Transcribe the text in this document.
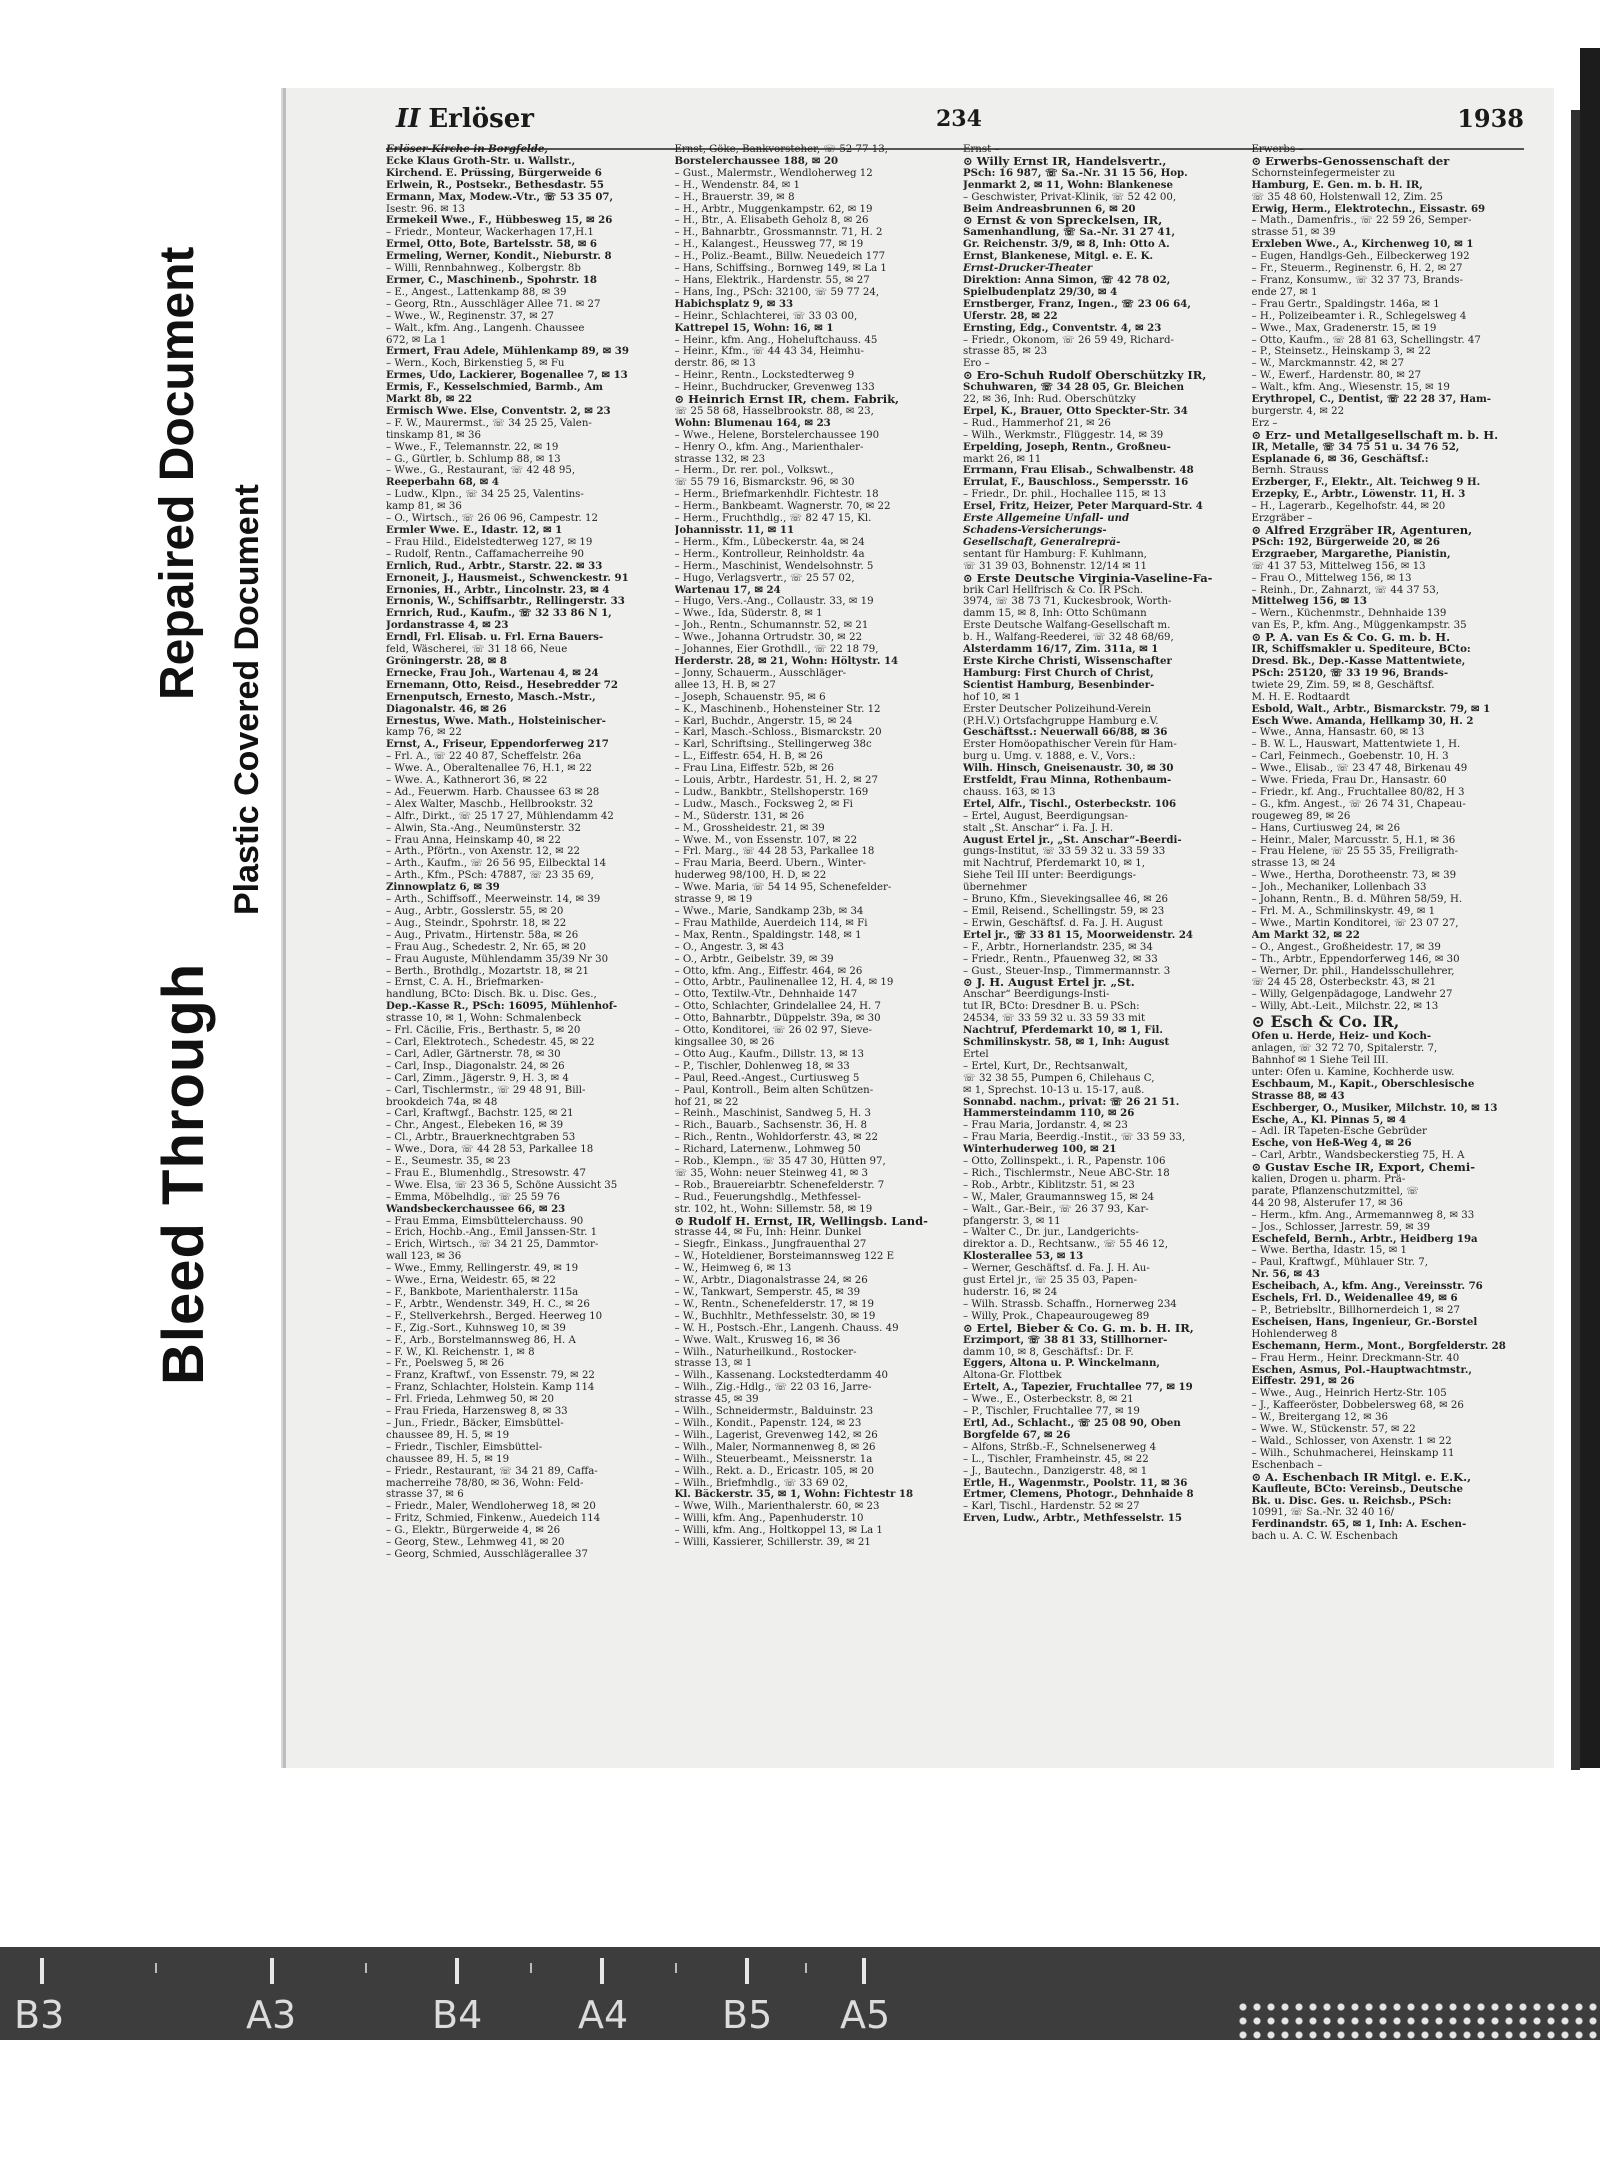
Bleed Through
Repaired Document Plastic Covered Document
II Erlöser	234	1938
Erlöser-Kirche in Borgfelde,
Ecke Klaus Groth-Str. u. Wallstr.,
Kirchend. E. Prüssing, Bürgerweide 6
Erlwein, R., Postsekr., Bethesdastr. 55
Ermann, Max, Modew.-Vtr., ☏ 53 35 07,
Isestr. 96. ✉ 13
Ermekeil Wwe., F., Hübbesweg 15, ✉ 26
– Friedr., Monteur, Wackerhagen 17,H.1
Ermel, Otto, Bote, Bartelsstr. 58, ✉ 6
Ermeling, Werner, Kondit., Nieburstr. 8
– Willi, Rennbahnweg., Kolbergstr. 8b
Ermer, C., Maschinenb., Spohrstr. 18
– E., Angest., Lattenkamp 88, ✉ 39
– Georg, Rtn., Ausschläger Allee 71. ✉ 27
– Wwe., W., Reginenstr. 37, ✉ 27
– Walt., kfm. Ang., Langenh. Chaussee
672, ✉ La 1
Ermert, Frau Adele, Mühlenkamp 89, ✉ 39
– Wern., Koch, Birkenstieg 5, ✉ Fu
Ermes, Udo, Lackierer, Bogenallee 7, ✉ 13
Ermis, F., Kesselschmied, Barmb., Am
Markt 8b, ✉ 22
Ermisch Wwe. Else, Conventstr. 2, ✉ 23
– F. W., Maurermst., ☏ 34 25 25, Valen-
tinskamp 81, ✉ 36
– Wwe., F., Telemannstr. 22, ✉ 19
– G., Gürtler, b. Schlump 88, ✉ 13
– Wwe., G., Restaurant, ☏ 42 48 95,
Reeperbahn 68, ✉ 4
– Ludw., Klpn., ☏ 34 25 25, Valentins-
kamp 81, ✉ 36
– O., Wirtsch., ☏ 26 06 96, Campestr. 12
Ermler Wwe. E., Idastr. 12, ✉ 1
– Frau Hild., Eidelstedterweg 127, ✉ 19
– Rudolf, Rentn., Caffamacherreihe 90
Ernlich, Rud., Arbtr., Starstr. 22. ✉ 33
Ernoneit, J., Hausmeist., Schwenckestr. 91
Ernonies, H., Arbtr., Lincolnstr. 23, ✉ 4
Ernonis, W., Schiffsarbtr., Rellingerstr. 33
Ernrich, Rud., Kaufm., ☏ 32 33 86 N 1,
Jordanstrasse 4, ✉ 23
Erndl, Frl. Elisab. u. Frl. Erna Bauers-
feld, Wäscherei, ☏ 31 18 66, Neue
Gröningerstr. 28, ✉ 8
Ernecke, Frau Joh., Wartenau 4, ✉ 24
Ernemann, Otto, Reisd., Hesebredder 72
Ernenputsch, Ernesto, Masch.-Mstr.,
Diagonalstr. 46, ✉ 26
Ernestus, Wwe. Math., Holsteinischer-
kamp 76, ✉ 22
Ernst, A., Friseur, Eppendorferweg 217
– Frl. A., ☏ 22 40 87, Scheffelstr. 26a
– Wwe. A., Oberaltenallee 76, H.1, ✉ 22
– Wwe. A., Kathnerort 36, ✉ 22
– Ad., Feuerwm. Harb. Chaussee 63 ✉ 28
– Alex Walter, Maschb., Hellbrookstr. 32
– Alfr., Dirkt., ☏ 25 17 27, Mühlendamm 42
– Alwin, Sta.-Ang., Neumünsterstr. 32
– Frau Anna, Heinskamp 40, ✉ 22
– Arth., Pförtn., von Axenstr. 12, ✉ 22
– Arth., Kaufm., ☏ 26 56 95, Eilbecktal 14
– Arth., Kfm., PSch: 47887, ☏ 23 35 69,
Zinnowplatz 6, ✉ 39
– Arth., Schiffsoff., Meerweinstr. 14, ✉ 39
– Aug., Arbtr., Gosslerstr. 55, ✉ 20
– Aug., Steindr., Spohrstr. 18, ✉ 22
– Aug., Privatm., Hirtenstr. 58a, ✉ 26
– Frau Aug., Schedestr. 2, Nr. 65, ✉ 20
– Frau Auguste, Mühlendamm 35/39 Nr 30
– Berth., Brothdlg., Mozartstr. 18, ✉ 21
– Ernst, C. A. H., Briefmarken-
handlung, BCto: Disch. Bk. u. Disc. Ges.,
Dep.-Kasse R., PSch: 16095, Mühlenhof-
strasse 10, ✉ 1, Wohn: Schmalenbeck
– Frl. Cäcilie, Fris., Berthastr. 5, ✉ 20
– Carl, Elektrotech., Schedestr. 45, ✉ 22
– Carl, Adler, Gärtnerstr. 78, ✉ 30
– Carl, Insp., Diagonalstr. 24, ✉ 26
– Carl, Zimm., Jägerstr. 9, H. 3, ✉ 4
– Carl, Tischlermstr., ☏ 29 48 91, Bill-
brookdeich 74a, ✉ 48
– Carl, Kraftwgf., Bachstr. 125, ✉ 21
– Chr., Angest., Elebeken 16, ✉ 39
– Cl., Arbtr., Brauerknechtgraben 53
– Wwe., Dora, ☏ 44 28 53, Parkallee 18
– E., Seumestr. 35, ✉ 23
– Frau E., Blumenhdlg., Stresowstr. 47
– Wwe. Elsa, ☏ 23 36 5, Schöne Aussicht 35
– Emma, Möbelhdlg., ☏ 25 59 76
Wandsbeckerchaussee 66, ✉ 23
– Frau Emma, Eimsbüttelerchauss. 90
– Erich, Hochb.-Ang., Emil Janssen-Str. 1
– Erich, Wirtsch., ☏ 34 21 25, Dammtor-
wall 123, ✉ 36
– Wwe., Emmy, Rellingerstr. 49, ✉ 19
– Wwe., Erna, Weidestr. 65, ✉ 22
– F., Bankbote, Marienthalerstr. 115a
– F., Arbtr., Wendenstr. 349, H. C., ✉ 26
– F., Stellverkehrsh., Berged. Heerweg 10
– F., Zig.-Sort., Kuhnsweg 10, ✉ 39
– F., Arb., Borstelmannsweg 86, H. A
– F. W., Kl. Reichenstr. 1, ✉ 8
– Fr., Poelsweg 5, ✉ 26
– Franz, Kraftwf., von Essenstr. 79, ✉ 22
– Franz, Schlachter, Holstein. Kamp 114
– Frl. Frieda, Lehmweg 50, ✉ 20
– Frau Frieda, Harzensweg 8, ✉ 33
– Jun., Friedr., Bäcker, Eimsbüttel-
chaussee 89, H. 5, ✉ 19
– Friedr., Tischler, Eimsbüttel-
chaussee 89, H. 5, ✉ 19
– Friedr., Restaurant, ☏ 34 21 89, Caffa-
macherreihe 78/80, ✉ 36, Wohn: Feld-
strasse 37, ✉ 6
– Friedr., Maler, Wendloherweg 18, ✉ 20
– Fritz, Schmied, Finkenw., Auedeich 114
– G., Elektr., Bürgerweide 4, ✉ 26
– Georg, Stew., Lehmweg 41, ✉ 20
– Georg, Schmied, Ausschlägerallee 37
Ernst, Göke, Bankvorsteher, ☏ 52 77 13,
Borstelerchaussee 188, ✉ 20
– Gust., Malermstr., Wendloherweg 12
– H., Wendenstr. 84, ✉ 1
– H., Brauerstr. 39, ✉ 8
– H., Arbtr., Muggenkampstr. 62, ✉ 19
– H., Btr., A. Elisabeth Geholz 8, ✉ 26
– H., Bahnarbtr., Grossmannstr. 71, H. 2
– H., Kalangest., Heussweg 77, ✉ 19
– H., Poliz.-Beamt., Billw. Neuedeich 177
– Hans, Schiffsing., Bornweg 149, ✉ La 1
– Hans, Elektrik., Hardenstr. 55, ✉ 27
– Hans, Ing., PSch: 32100, ☏ 59 77 24,
Habichsplatz 9, ✉ 33
– Heinr., Schlachterei, ☏ 33 03 00,
Kattrepel 15, Wohn: 16, ✉ 1
– Heinr., kfm. Ang., Hoheluftchauss. 45
– Heinr., Kfm., ☏ 44 43 34, Heimhu-
derstr. 86, ✉ 13
– Heinr., Rentn., Lockstedterweg 9
– Heinr., Buchdrucker, Grevenweg 133
⊙ Heinrich Ernst IR, chem. Fabrik,
☏ 25 58 68, Hasselbrookstr. 88, ✉ 23,
Wohn: Blumenau 164, ✉ 23
– Wwe., Helene, Borstelerchaussee 190
– Henry O., kfm. Ang., Marienthaler-
strasse 132, ✉ 23
– Herm., Dr. rer. pol., Volkswt.,
☏ 55 79 16, Bismarckstr. 96, ✉ 30
– Herm., Briefmarkenhdlr. Fichtestr. 18
– Herm., Bankbeamt. Wagnerstr. 70, ✉ 22
– Herm., Fruchthdlg., ☏ 82 47 15, Kl.
Johannisstr. 11, ✉ 11
– Herm., Kfm., Lübeckerstr. 4a, ✉ 24
– Herm., Kontrolleur, Reinholdstr. 4a
– Herm., Maschinist, Wendelsohnstr. 5
– Hugo, Verlagsvertr., ☏ 25 57 02,
Wartenau 17, ✉ 24
– Hugo, Vers.-Ang., Collaustr. 33, ✉ 19
– Wwe., Ida, Süderstr. 8, ✉ 1
– Joh., Rentn., Schumannstr. 52, ✉ 21
– Wwe., Johanna Ortrudstr. 30, ✉ 22
– Johannes, Eier Grothdll., ☏ 22 18 79,
Herderstr. 28, ✉ 21, Wohn: Höltystr. 14
– Jonny, Schauerm., Ausschläger-
allee 13, H. B, ✉ 27
– Joseph, Schauenstr. 95, ✉ 6
– K., Maschinenb., Hohensteiner Str. 12
– Karl, Buchdr., Angerstr. 15, ✉ 24
– Karl, Masch.-Schloss., Bismarckstr. 20
– Karl, Schriftsing., Stellingerweg 38c
– L., Eiffestr. 654, H. B, ✉ 26
– Frau Lina, Eiffestr. 52b, ✉ 26
– Louis, Arbtr., Hardestr. 51, H. 2, ✉ 27
– Ludw., Bankbtr., Stellshoperstr. 169
– Ludw., Masch., Focksweg 2, ✉ Fi
– M., Süderstr. 131, ✉ 26
– M., Grossheidestr. 21, ✉ 39
– Wwe. M., von Essenstr. 107, ✉ 22
– Frl. Marg., ☏ 44 28 53, Parkallee 18
– Frau Maria, Beerd. Übern., Winter-
huderweg 98/100, H. D, ✉ 22
– Wwe. Maria, ☏ 54 14 95, Schenefelder-
strasse 9, ✉ 19
– Wwe., Marie, Sandkamp 23b, ✉ 34
– Frau Mathilde, Auerdeich 114, ✉ Fi
– Max, Rentn., Spaldingstr. 148, ✉ 1
– O., Angestr. 3, ✉ 43
– O., Arbtr., Geibelstr. 39, ✉ 39
– Otto, kfm. Ang., Eiffestr. 464, ✉ 26
– Otto, Arbtr., Paulinenallee 12, H. 4, ✉ 19
– Otto, Textilw.-Vtr., Dehnhaide 147
– Otto, Schlachter, Grindelallee 24, H. 7
– Otto, Bahnarbtr., Düppelstr. 39a, ✉ 30
– Otto, Konditorei, ☏ 26 02 97, Sieve-
kingsallee 30, ✉ 26
– Otto Aug., Kaufm., Dillstr. 13, ✉ 13
– P., Tischler, Dohlenweg 18, ✉ 33
– Paul, Reed.-Angest., Curtiusweg 5
– Paul, Kontroll., Beim alten Schützen-
hof 21, ✉ 22
– Reinh., Maschinist, Sandweg 5, H. 3
– Rich., Bauarb., Sachsenstr. 36, H. 8
– Rich., Rentn., Wohldorferstr. 43, ✉ 22
– Richard, Laternenw., Lohmweg 50
– Rob., Klempn., ☏ 35 47 30, Hütten 97,
☏ 35, Wohn: neuer Steinweg 41, ✉ 3
– Rob., Brauereiarbtr. Schenefelderstr. 7
– Rud., Feuerungshdlg., Methfessel-
str. 102, ht., Wohn: Sillemstr. 58, ✉ 19
⊙ Rudolf H. Ernst, IR, Wellingsb. Land-
strasse 44, ✉ Fu, Inh: Heinr. Dunkel
– Siegfr., Einkass., Jungfrauenthal 27
– W., Hoteldiener, Borsteimannsweg 122 E
– W., Heimweg 6, ✉ 13
– W., Arbtr., Diagonalstrasse 24, ✉ 26
– W., Tankwart, Semperstr. 45, ✉ 39
– W., Rentn., Schenefelderstr. 17, ✉ 19
– W., Buchhltr., Methfesselstr. 30, ✉ 19
– W. H., Postsch.-Ehr., Langenh. Chauss. 49
– Wwe. Walt., Krusweg 16, ✉ 36
– Wilh., Naturheilkund., Rostocker-
strasse 13, ✉ 1
– Wilh., Kassenang. Lockstedterdamm 40
– Wilh., Zig.-Hdlg., ☏ 22 03 16, Jarre-
strasse 45, ✉ 39
– Wilh., Schneidermstr., Balduinstr. 23
– Wilh., Kondit., Papenstr. 124, ✉ 23
– Wilh., Lagerist, Grevenweg 142, ✉ 26
– Wilh., Maler, Normannenweg 8, ✉ 26
– Wilh., Steuerbeamt., Meissnerstr. 1a
– Wilh., Rekt. a. D., Ericastr. 105, ✉ 20
– Wilh., Briefmhdlg., ☏ 33 69 02,
Kl. Bäckerstr. 35, ✉ 1, Wohn: Fichtestr 18
– Wwe, Wilh., Marienthalerstr. 60, ✉ 23
– Willi, kfm. Ang., Papenhuderstr. 10
– Willi, kfm. Ang., Holtkoppel 13, ✉ La 1
– Willi, Kassierer, Schillerstr. 39, ✉ 21
Ernst –
⊙ Willy Ernst IR, Handelsvertr.,
PSch: 16 987, ☏ Sa.-Nr. 31 15 56, Hop.
Jenmarkt 2, ✉ 11, Wohn: Blankenese
– Geschwister, Privat-Klinik, ☏ 52 42 00,
Beim Andreasbrunnen 6, ✉ 20
⊙ Ernst & von Spreckelsen, IR,
Samenhandlung, ☏ Sa.-Nr. 31 27 41,
Gr. Reichenstr. 3/9, ✉ 8, Inh: Otto A.
Ernst, Blankenese, Mitgl. e. E. K.
Ernst-Drucker-Theater
Direktion: Anna Simon, ☏ 42 78 02,
Spielbudenplatz 29/30, ✉ 4
Ernstberger, Franz, Ingen., ☏ 23 06 64,
Uferstr. 28, ✉ 22
Ernsting, Edg., Conventstr. 4, ✉ 23
– Friedr., Ökonom, ☏ 26 59 49, Richard-
strasse 85, ✉ 23
Ero –
⊙ Ero-Schuh Rudolf Oberschützky IR,
Schuhwaren, ☏ 34 28 05, Gr. Bleichen
22, ✉ 36, Inh: Rud. Oberschützky
Erpel, K., Brauer, Otto Speckter-Str. 34
– Rud., Hammerhof 21, ✉ 26
– Wilh., Werkmstr., Flüggestr. 14, ✉ 39
Erpelding, Joseph, Rentn., Großneu-
markt 26, ✉ 11
Errmann, Frau Elisab., Schwalbenstr. 48
Errulat, F., Bauschloss., Sempersstr. 16
– Friedr., Dr. phil., Hochallee 115, ✉ 13
Ersel, Fritz, Heizer, Peter Marquard-Str. 4
Erste Allgemeine Unfall- und
Schadens-Versicherungs-
Gesellschaft, Generalreprä-
sentant für Hamburg: F. Kuhlmann,
☏ 31 39 03, Bohnenstr. 12/14 ✉ 11
⊙ Erste Deutsche Virginia-Vaseline-Fa-
brik Carl Hellfrisch & Co. IR PSch.
3974, ☏ 38 73 71, Kuckesbrook, Worth-
damm 15, ✉ 8, Inh: Otto Schümann
Erste Deutsche Walfang-Gesellschaft m.
b. H., Walfang-Reederei, ☏ 32 48 68/69,
Alsterdamm 16/17, Zim. 311a, ✉ 1
Erste Kirche Christi, Wissenschafter
Hamburg: First Church of Christ,
Scientist Hamburg, Besenbinder-
hof 10, ✉ 1
Erster Deutscher Polizeihund-Verein
(P.H.V.) Ortsfachgruppe Hamburg e.V.
Geschäftsst.: Neuerwall 66/88, ✉ 36
Erster Homöopathischer Verein für Ham-
burg u. Umg. v. 1888, e. V., Vors.:
Wilh. Hinsch, Gneisenaustr. 30, ✉ 30
Erstfeldt, Frau Minna, Rothenbaum-
chauss. 163, ✉ 13
Ertel, Alfr., Tischl., Osterbeckstr. 106
– Ertel, August, Beerdigungsan-
stalt „St. Anschar“ i. Fa. J. H.
August Ertel jr., „St. Anschar“-Beerdi-
gungs-Institut, ☏ 33 59 32 u. 33 59 33
mit Nachtruf, Pferdemarkt 10, ✉ 1,
Siehe Teil III unter: Beerdigungs-
übernehmer
– Bruno, Kfm., Sievekingsallee 46, ✉ 26
– Emil, Reisend., Schellingstr. 59, ✉ 23
– Erwin, Geschäftsf. d. Fa. J. H. August
Ertel jr., ☏ 33 81 15, Moorweidenstr. 24
– F., Arbtr., Hornerlandstr. 235, ✉ 34
– Friedr., Rentn., Pfauenweg 32, ✉ 33
– Gust., Steuer-Insp., Timmermannstr. 3
⊙ J. H. August Ertel jr. „St.
Anschar“ Beerdigungs-Insti-
tut IR, BCto: Dresdner B. u. PSch:
24534, ☏ 33 59 32 u. 33 59 33 mit
Nachtruf, Pferdemarkt 10, ✉ 1, Fil.
Schmilinskystr. 58, ✉ 1, Inh: August
Ertel
– Ertel, Kurt, Dr., Rechtsanwalt,
☏ 32 38 55, Pumpen 6, Chilehaus C,
✉ 1, Sprechst. 10-13 u. 15-17, auß.
Sonnabd. nachm., privat: ☏ 26 21 51.
Hammersteindamm 110, ✉ 26
– Frau Maria, Jordanstr. 4, ✉ 23
– Frau Maria, Beerdig.-Instit., ☏ 33 59 33,
Winterhuderweg 100, ✉ 21
– Otto, Zollinspekt., i. R., Papenstr. 106
– Rich., Tischlermstr., Neue ABC-Str. 18
– Rob., Arbtr., Kiblitzstr. 51, ✉ 23
– W., Maler, Graumannsweg 15, ✉ 24
– Walt., Gar.-Beir., ☏ 26 37 93, Kar-
pfangerstr. 3, ✉ 11
– Walter C., Dr. jur., Landgerichts-
direktor a. D., Rechtsanw., ☏ 55 46 12,
Klosterallee 53, ✉ 13
– Werner, Geschäftsf. d. Fa. J. H. Au-
gust Ertel jr., ☏ 25 35 03, Papen-
huderstr. 16, ✉ 24
– Wilh. Strassb. Schaffn., Hornerweg 234
– Willy, Prok., Chapeaurougeweg 89
⊙ Ertel, Bieber & Co. G. m. b. H. IR,
Erzimport, ☏ 38 81 33, Stillhorner-
damm 10, ✉ 8, Geschäftsf.: Dr. F.
Eggers, Altona u. P. Winckelmann,
Altona-Gr. Flottbek
Ertelt, A., Tapezier, Fruchtallee 77, ✉ 19
– Wwe., E., Osterbeckstr. 8, ✉ 21
– P., Tischler, Fruchtallee 77, ✉ 19
Ertl, Ad., Schlacht., ☏ 25 08 90, Oben
Borgfelde 67, ✉ 26
– Alfons, Strßb.-F., Schnelsenerweg 4
– L., Tischler, Framheinstr. 45, ✉ 22
– J., Bautechn., Danzigerstr. 48, ✉ 1
Ertle, H., Wagenmstr., Poolstr. 11, ✉ 36
Ertmer, Clemens, Photogr., Dehnhaide 8
– Karl, Tischl., Hardenstr. 52 ✉ 27
Erven, Ludw., Arbtr., Methfesselstr. 15
Erwerbs –
⊙ Erwerbs-Genossenschaft der
Schornsteinfegermeister zu
Hamburg, E. Gen. m. b. H. IR,
☏ 35 48 60, Holstenwall 12, Zim. 25
Erwig, Herm., Elektrotechn., Eissastr. 69
– Math., Damenfris., ☏ 22 59 26, Semper-
strasse 51, ✉ 39
Erxleben Wwe., A., Kirchenweg 10, ✉ 1
– Eugen, Handlgs-Geh., Eilbeckerweg 192
– Fr., Steuerm., Reginenstr. 6, H. 2, ✉ 27
– Franz, Konsumw., ☏ 32 37 73, Brands-
ende 27, ✉ 1
– Frau Gertr., Spaldingstr. 146a, ✉ 1
– H., Polizeibeamter i. R., Schlegelsweg 4
– Wwe., Max, Gradenerstr. 15, ✉ 19
– Otto, Kaufm., ☏ 28 81 63, Schellingstr. 47
– P., Steinsetz., Heinskamp 3, ✉ 22
– W., Marckmannstr. 42, ✉ 27
– W., Ewerf., Hardenstr. 80, ✉ 27
– Walt., kfm. Ang., Wiesenstr. 15, ✉ 19
Erythropel, C., Dentist, ☏ 22 28 37, Ham-
burgerstr. 4, ✉ 22
Erz –
⊙ Erz- und Metallgesellschaft m. b. H.
IR, Metalle, ☏ 34 75 51 u. 34 76 52,
Esplanade 6, ✉ 36, Geschäftsf.:
Bernh. Strauss
Erzberger, F., Elektr., Alt. Teichweg 9 H.
Erzepky, E., Arbtr., Löwenstr. 11, H. 3
– H., Lagerarb., Kegelhofstr. 44, ✉ 20
Erzgräber –
⊙ Alfred Erzgräber IR, Agenturen,
PSch: 192, Bürgerweide 20, ✉ 26
Erzgraeber, Margarethe, Pianistin,
☏ 41 37 53, Mittelweg 156, ✉ 13
– Frau O., Mittelweg 156, ✉ 13
– Reinh., Dr., Zahnarzt, ☏ 44 37 53,
Mittelweg 156, ✉ 13
– Wern., Küchenmstr., Dehnhaide 139
van Es, P., kfm. Ang., Müggenkampstr. 35
⊙ P. A. van Es & Co. G. m. b. H.
IR, Schiffsmakler u. Spediteure, BCto:
Dresd. Bk., Dep.-Kasse Mattentwiete,
PSch: 25120, ☏ 33 19 96, Brands-
twiete 29, Zim. 59, ✉ 8, Geschäftsf.
M. H. E. Rodtaardt
Esbold, Walt., Arbtr., Bismarckstr. 79, ✉ 1
Esch Wwe. Amanda, Hellkamp 30, H. 2
– Wwe., Anna, Hansastr. 60, ✉ 13
– B. W. L., Hauswart, Mattentwiete 1, H.
– Carl, Feinmech., Goebenstr. 10, H. 3
– Wwe., Elisab., ☏ 23 47 48, Birkenau 49
– Wwe. Frieda, Frau Dr., Hansastr. 60
– Friedr., kf. Ang., Fruchtallee 80/82, H 3
– G., kfm. Angest., ☏ 26 74 31, Chapeau-
rougeweg 89, ✉ 26
– Hans, Curtiusweg 24, ✉ 26
– Heinr., Maler, Marcusstr. 5, H.1, ✉ 36
– Frau Helene, ☏ 25 55 35, Freiligrath-
strasse 13, ✉ 24
– Wwe., Hertha, Dorotheenstr. 73, ✉ 39
– Joh., Mechaniker, Lollenbach 33
– Johann, Rentn., B. d. Mühren 58/59, H.
– Frl. M. A., Schmilinskystr. 49, ✉ 1
– Wwe., Martin Konditorei, ☏ 23 07 27,
Am Markt 32, ✉ 22
– O., Angest., Großheidestr. 17, ✉ 39
– Th., Arbtr., Eppendorferweg 146, ✉ 30
– Werner, Dr. phil., Handelsschullehrer,
☏ 24 45 28, Osterbeckstr. 43, ✉ 21
– Willy, Gelgenpädagoge, Landwehr 27
– Willy, Abt.-Leit., Milchstr. 22, ✉ 13
⊙ Esch & Co. IR,
Öfen u. Herde, Heiz- und Koch-
anlagen, ☏ 32 72 70, Spitalerstr. 7,
Bahnhof ✉ 1 Siehe Teil III.
unter: Öfen u. Kamine, Kochherde usw.
Eschbaum, M., Kapit., Oberschlesische
Strasse 88, ✉ 43
Eschberger, O., Musiker, Milchstr. 10, ✉ 13
Esche, A., Kl. Pinnas 5, ✉ 4
– Adl. IR Tapeten-Esche Gebrüder
Esche, von Heß-Weg 4, ✉ 26
– Carl, Arbtr., Wandsbeckerstieg 75, H. A
⊙ Gustav Esche IR, Export, Chemi-
kalien, Drogen u. pharm. Prä-
parate, Pflanzenschutzmittel, ☏
44 20 98, Alsterufer 17, ✉ 36
– Herm., kfm. Ang., Armemannweg 8, ✉ 33
– Jos., Schlosser, Jarrestr. 59, ✉ 39
Eschefeld, Bernh., Arbtr., Heidberg 19a
– Wwe. Bertha, Idastr. 15, ✉ 1
– Paul, Kraftwgf., Mühlauer Str. 7,
Nr. 56, ✉ 43
Escheibach, A., kfm. Ang., Vereinsstr. 76
Eschels, Frl. D., Weidenallee 49, ✉ 6
– P., Betriebsltr., Billhornerdeich 1, ✉ 27
Escheisen, Hans, Ingenieur, Gr.-Borstel
Hohlenderweg 8
Eschemann, Herm., Mont., Borgfelderstr. 28
– Frau Herm., Heinr. Dreckmann-Str. 40
Eschen, Asmus, Pol.-Hauptwachtmstr.,
Eiffestr. 291, ✉ 26
– Wwe., Aug., Heinrich Hertz-Str. 105
– J., Kaffeeröster, Dobbelersweg 68, ✉ 26
– W., Breitergang 12, ✉ 36
– Wwe. W., Stückenstr. 57, ✉ 22
– Wald., Schlosser, von Axenstr. 1 ✉ 22
– Wilh., Schuhmacherei, Heinskamp 11
Eschenbach –
⊙ A. Eschenbach IR Mitgl. e. E.K.,
Kaufleute, BCto: Vereinsb., Deutsche
Bk. u. Disc. Ges. u. Reichsb., PSch:
10991, ☏ Sa.-Nr. 32 40 16/
Ferdinandstr. 65, ✉ 1, Inh: A. Eschen-
bach u. A. C. W. Eschenbach
B3	A3	B4	A4 B5 A5
